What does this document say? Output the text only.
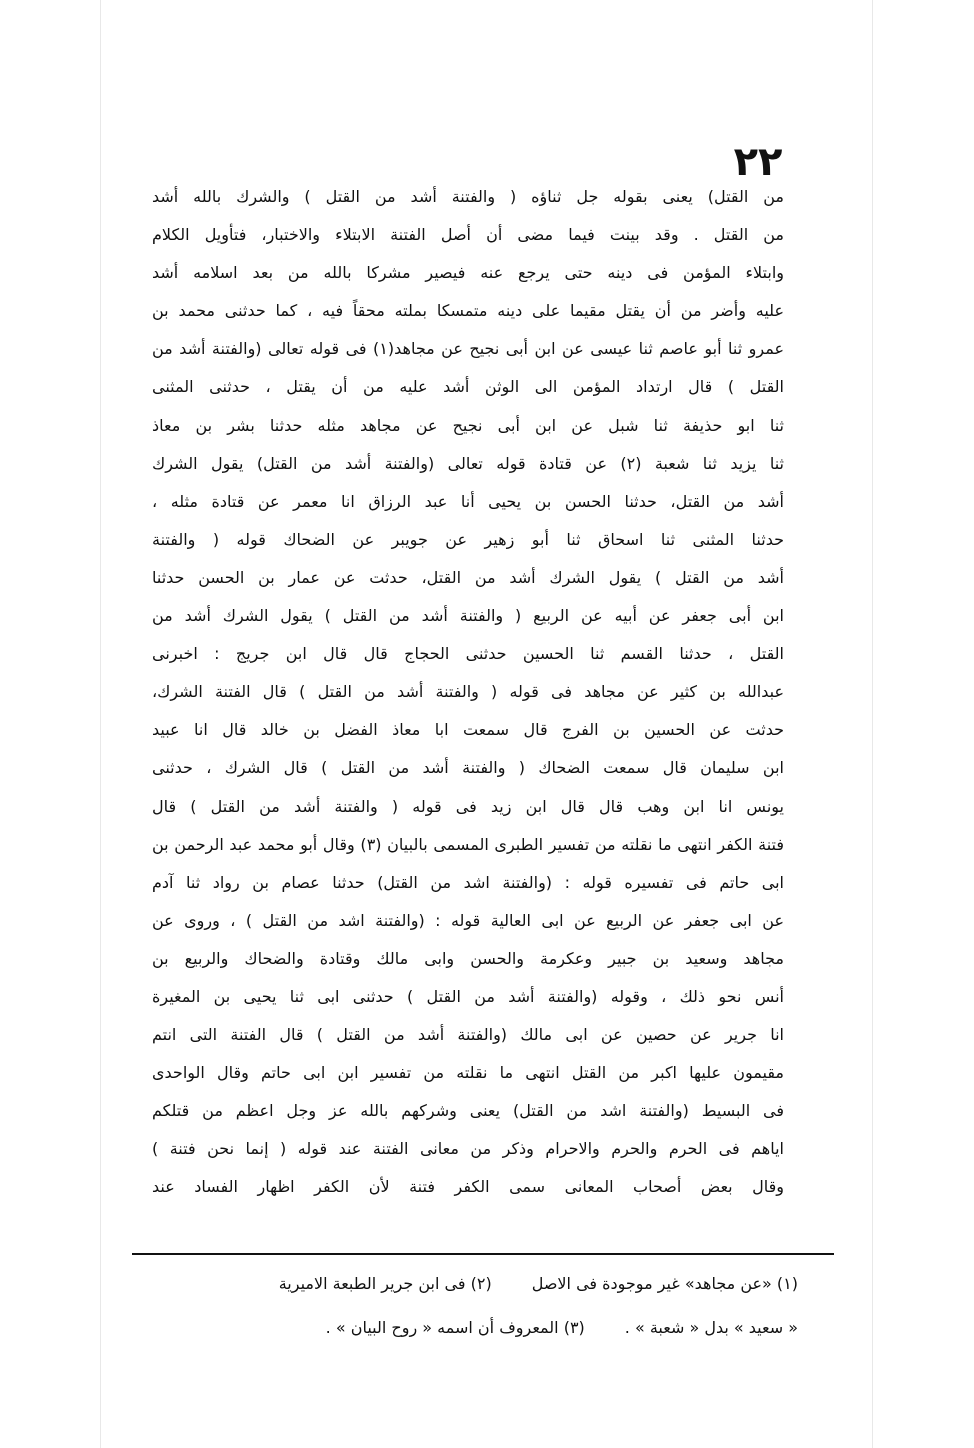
٢٢
من القتل) يعنى بقوله جل ثناؤه ( والفتنة أشد من القتل ) والشرك بالله أشد
من القتل . وقد بينت فيما مضى أن أصل الفتنة الابتلاء والاختبار، فتأويل الكلام
وابتلاء المؤمن فى دينه حتى يرجع عنه فيصير مشركا بالله من بعد اسلامه أشد
عليه وأضر من أن يقتل مقيما على دينه متمسكا بملته محقاً فيه ، كما حدثنى محمد بن
عمرو ثنا أبو عاصم ثنا عيسى عن ابن أبى نجيح عن مجاهد(١) فى قوله تعالى (والفتنة أشد من
القتل ) قال ارتداد المؤمن الى الوثن أشد عليه من أن يقتل ، حدثنى المثنى
ثنا ابو حذيفة ثنا شبل عن ابن أبى نجيح عن مجاهد مثله حدثنا بشر بن معاذ
ثنا يزيد ثنا شعبة (٢) عن قتادة قوله تعالى (والفتنة أشد من القتل) يقول الشرك
أشد من القتل، حدثنا الحسن بن يحيى أنا عبد الرزاق انا معمر عن قتادة مثله ،
حدثنا المثنى ثنا اسحاق ثنا أبو زهير عن جويبر عن الضحاك قوله ( والفتنة
أشد من القتل ) يقول الشرك أشد من القتل، حدثت عن عمار بن الحسن حدثنا
ابن أبى جعفر عن أبيه عن الربيع ( والفتنة أشد من القتل ) يقول الشرك أشد من
القتل ، حدثنا القسم ثنا الحسين حدثنى الحجاج قال قال ابن جريج : اخبرنى
عبدالله بن كثير عن مجاهد فى قوله ( والفتنة أشد من القتل ) قال الفتنة الشرك،
حدثت عن الحسين بن الفرج قال سمعت ابا معاذ الفضل بن خالد قال انا عبيد
ابن سليمان قال سمعت الضحاك ( والفتنة أشد من القتل ) قال الشرك ، حدثنى
يونس انا ابن وهب قال قال ابن زيد فى قوله ( والفتنة أشد من القتل ) قال
فتنة الكفر انتهى ما نقلته من تفسير الطبرى المسمى بالبيان (٣) وقال أبو محمد عبد الرحمن بن
ابى حاتم فى تفسيره قوله : (والفتنة اشد من القتل) حدثنا عصام بن رواد ثنا آدم
عن ابى جعفر عن الربيع عن ابى العالية قوله : (والفتنة اشد من القتل ) ، وروى عن
مجاهد وسعيد بن جبير وعكرمة والحسن وابى مالك وقتادة والضحاك والربيع بن
أنس نحو ذلك ، وقوله (والفتنة أشد من القتل ) حدثنى ابى ثنا يحيى بن المغيرة
انا جرير عن حصين عن ابى مالك (والفتنة أشد من القتل ) قال الفتنة التى انتم
مقيمون عليها اكبر من القتل انتهى ما نقلته من تفسير ابن ابى حاتم وقال الواحدى
فى البسيط (والفتنة اشد من القتل) يعنى وشركهم بالله عز وجل اعظم من قتلكم
اياهم فى الحرم والحرم والاحرام وذكر من معانى الفتنة عند قوله ( إنما نحن فتنة )
وقال بعض أصحاب المعانى سمى الكفر فتنة لأن الكفر اظهار الفساد عند
(١) «عن مجاهد» غير موجودة فى الاصل(٢) فى ابن جرير الطبعة الاميرية
« سعيد » بدل « شعبة » .(٣) المعروف أن اسمه « روح البيان » .
